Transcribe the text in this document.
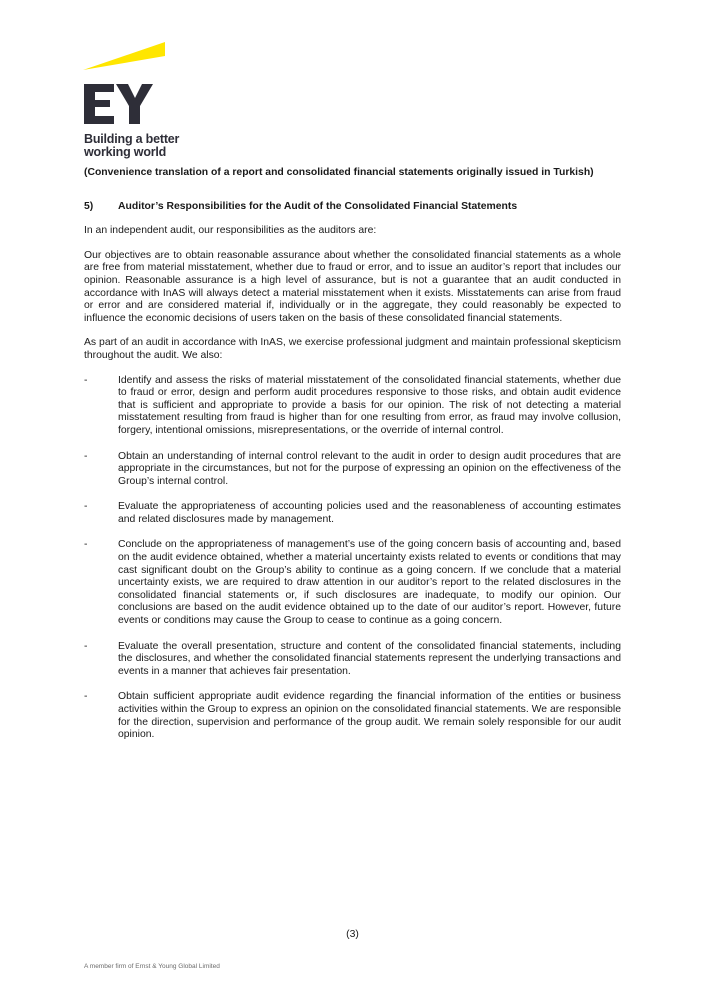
Building a better
working world

(Convenience translation of a report and consolidated financial statements originally issued in Turkish)

5)	Auditor’s Responsibilities for the Audit of the Consolidated Financial Statements

In an independent audit, our responsibilities as the auditors are:

Our objectives are to obtain reasonable assurance about whether the consolidated financial statements as a whole are free from material misstatement, whether due to fraud or error, and to issue an auditor’s report that includes our opinion. Reasonable assurance is a high level of assurance, but is not a guarantee that an audit conducted in accordance with InAS will always detect a material misstatement when it exists. Misstatements can arise from fraud or error and are considered material if, individually or in the aggregate, they could reasonably be expected to influence the economic decisions of users taken on the basis of these consolidated financial statements.

As part of an audit in accordance with InAS, we exercise professional judgment and maintain professional skepticism throughout the audit. We also:

-	Identify and assess the risks of material misstatement of the consolidated financial statements, whether due to fraud or error, design and perform audit procedures responsive to those risks, and obtain audit evidence that is sufficient and appropriate to provide a basis for our opinion. The risk of not detecting a material misstatement resulting from fraud is higher than for one resulting from error, as fraud may involve collusion, forgery, intentional omissions, misrepresentations, or the override of internal control.
-	Obtain an understanding of internal control relevant to the audit in order to design audit procedures that are appropriate in the circumstances, but not for the purpose of expressing an opinion on the effectiveness of the Group’s internal control.
-	Evaluate the appropriateness of accounting policies used and the reasonableness of accounting estimates and related disclosures made by management.
-	Conclude on the appropriateness of management’s use of the going concern basis of accounting and, based on the audit evidence obtained, whether a material uncertainty exists related to events or conditions that may cast significant doubt on the Group’s ability to continue as a going concern. If we conclude that a material uncertainty exists, we are required to draw attention in our auditor’s report to the related disclosures in the consolidated financial statements or, if such disclosures are inadequate, to modify our opinion. Our conclusions are based on the audit evidence obtained up to the date of our auditor’s report. However, future events or conditions may cause the Group to cease to continue as a going concern.
-	Evaluate the overall presentation, structure and content of the consolidated financial statements, including the disclosures, and whether the consolidated financial statements represent the underlying transactions and events in a manner that achieves fair presentation.
-	Obtain sufficient appropriate audit evidence regarding the financial information of the entities or business activities within the Group to express an opinion on the consolidated financial statements. We are responsible for the direction, supervision and performance of the group audit. We remain solely responsible for our audit opinion.
(3)
A member firm of Ernst & Young Global Limited
